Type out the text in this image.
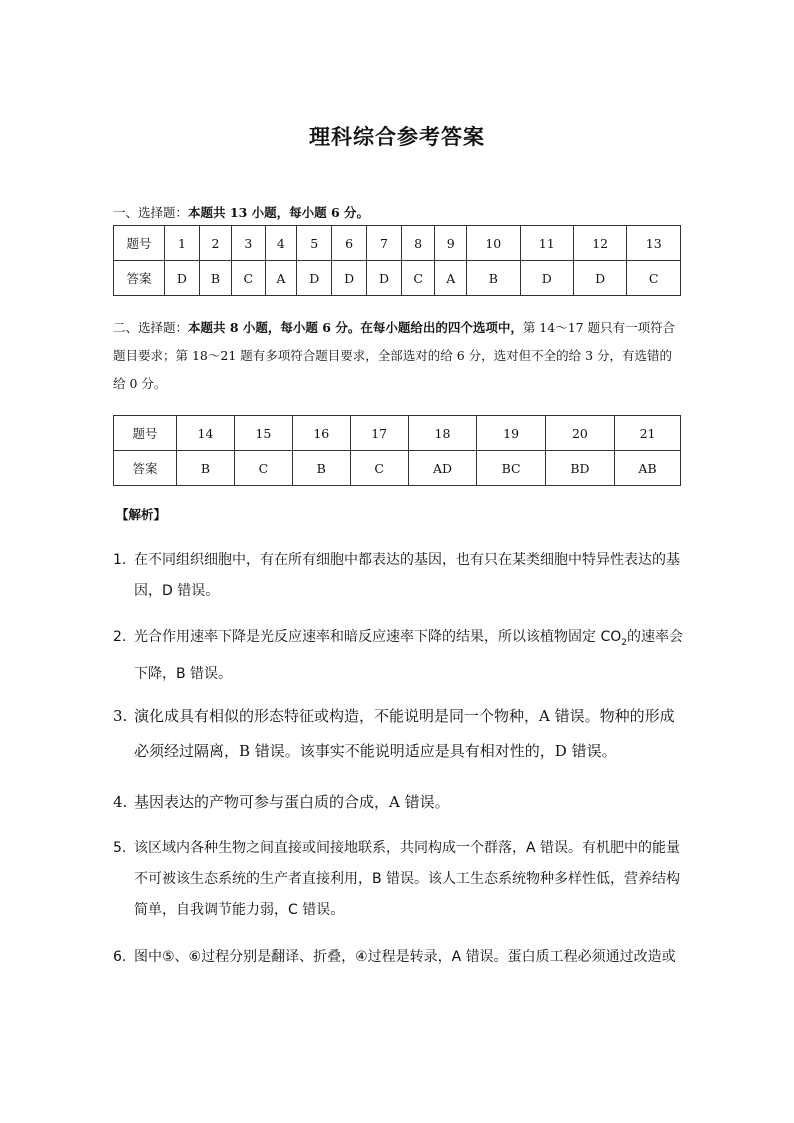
理科综合参考答案
一、选择题：本题共 13 小题，每小题 6 分。
题号	1	2	3	4	5	6	7	8	9	10	11	12	13
答案	D	B	C	A	D	D	D	C	A	B	D	D	C
二、选择题：本题共 8 小题，每小题 6 分。在每小题给出的四个选项中，第 14～17 题只有一项符合题目要求；第 18～21 题有多项符合题目要求，全部选对的给 6 分，选对但不全的给 3 分，有选错的给 0 分。
题号	14	15	16	17	18	19	20	21
答案	B	C	B	C	AD	BC	BD	AB
【解析】
1. 在不同组织细胞中，有在所有细胞中都表达的基因，也有只在某类细胞中特异性表达的基因，D 错误。
2. 光合作用速率下降是光反应速率和暗反应速率下降的结果，所以该植物固定 $CO_2$的速率会下降，B 错误。
3. 演化成具有相似的形态特征或构造，不能说明是同一个物种，A 错误。物种的形成必须经过隔离，B 错误。该事实不能说明适应是具有相对性的，D 错误。
4. 基因表达的产物可参与蛋白质的合成，A 错误。
5. 该区域内各种生物之间直接或间接地联系，共同构成一个群落，A 错误。有机肥中的能量不可被该生态系统的生产者直接利用，B 错误。该人工生态系统物种多样性低，营养结构简单，自我调节能力弱，C 错误。
6. 图中⑤、⑥过程分别是翻译、折叠，④过程是转录，A 错误。蛋白质工程必须通过改造或
